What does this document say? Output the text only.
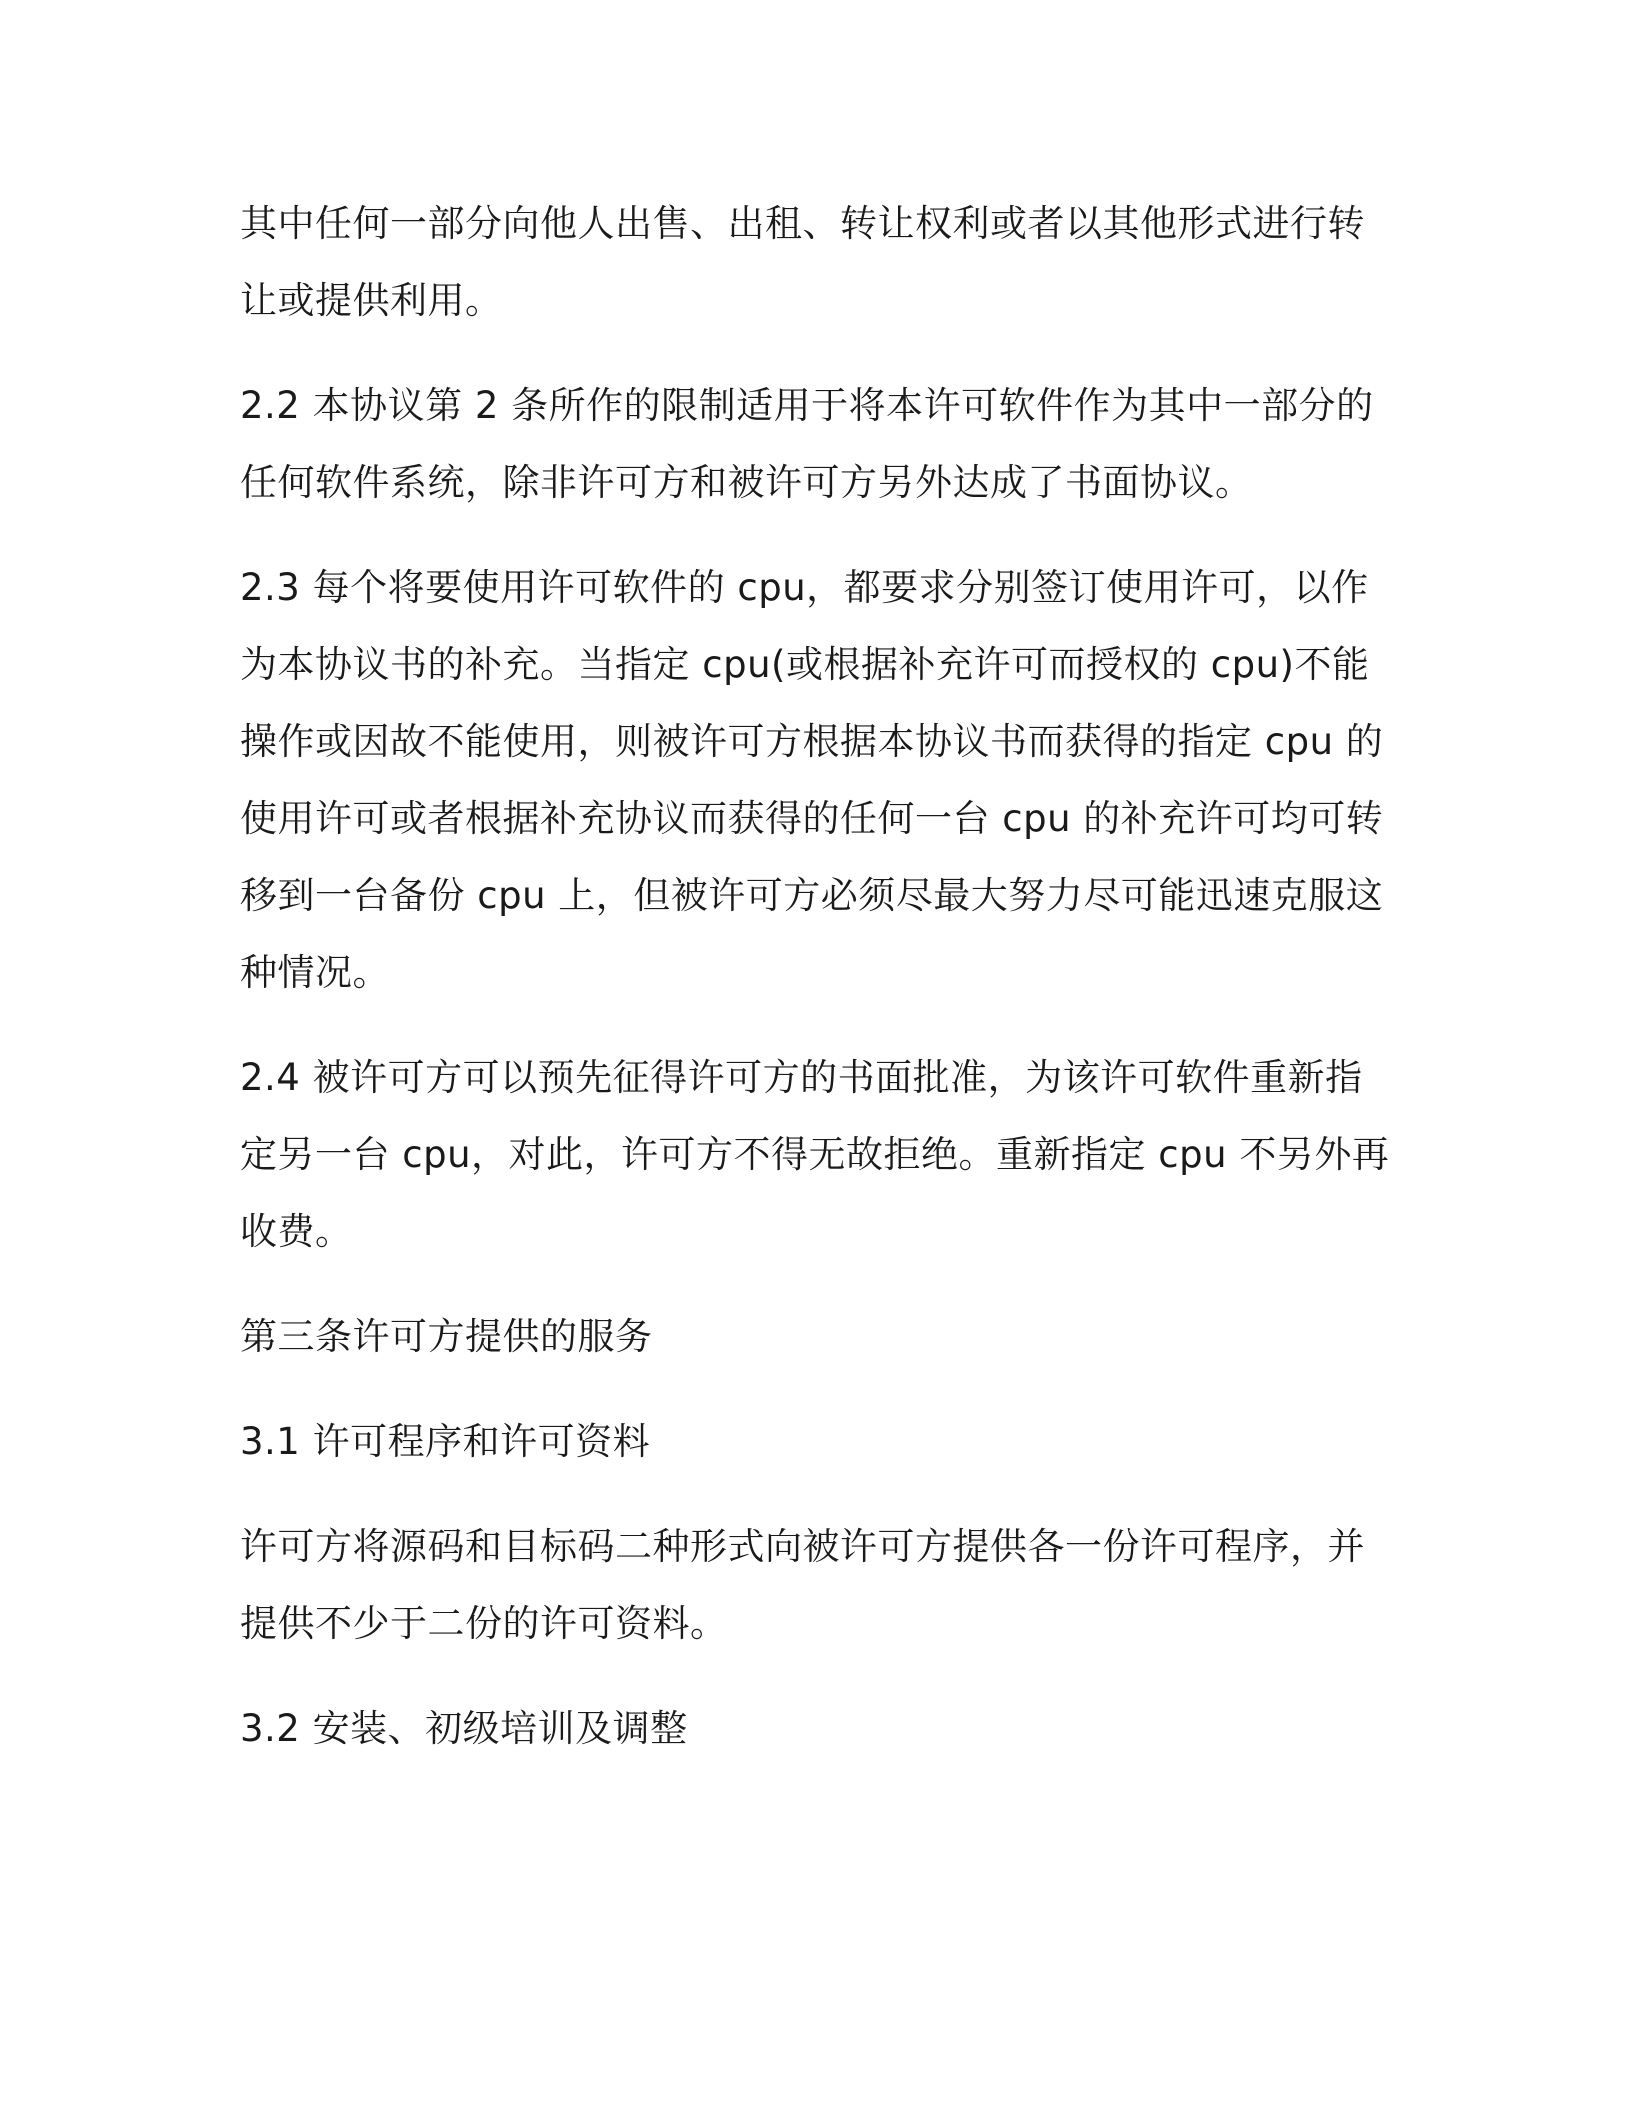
其中任何一部分向他人出售、出租、转让权利或者以其他形式进行转让或提供利用。

2.2 本协议第 2 条所作的限制适用于将本许可软件作为其中一部分的任何软件系统，除非许可方和被许可方另外达成了书面协议。

2.3 每个将要使用许可软件的 cpu，都要求分别签订使用许可，以作为本协议书的补充。当指定 cpu(或根据补充许可而授权的 cpu)不能操作或因故不能使用，则被许可方根据本协议书而获得的指定 cpu 的使用许可或者根据补充协议而获得的任何一台 cpu 的补充许可均可转移到一台备份 cpu 上，但被许可方必须尽最大努力尽可能迅速克服这种情况。

2.4 被许可方可以预先征得许可方的书面批准，为该许可软件重新指定另一台 cpu，对此，许可方不得无故拒绝。重新指定 cpu 不另外再收费。

第三条许可方提供的服务

3.1 许可程序和许可资料

许可方将源码和目标码二种形式向被许可方提供各一份许可程序，并提供不少于二份的许可资料。

3.2 安装、初级培训及调整
